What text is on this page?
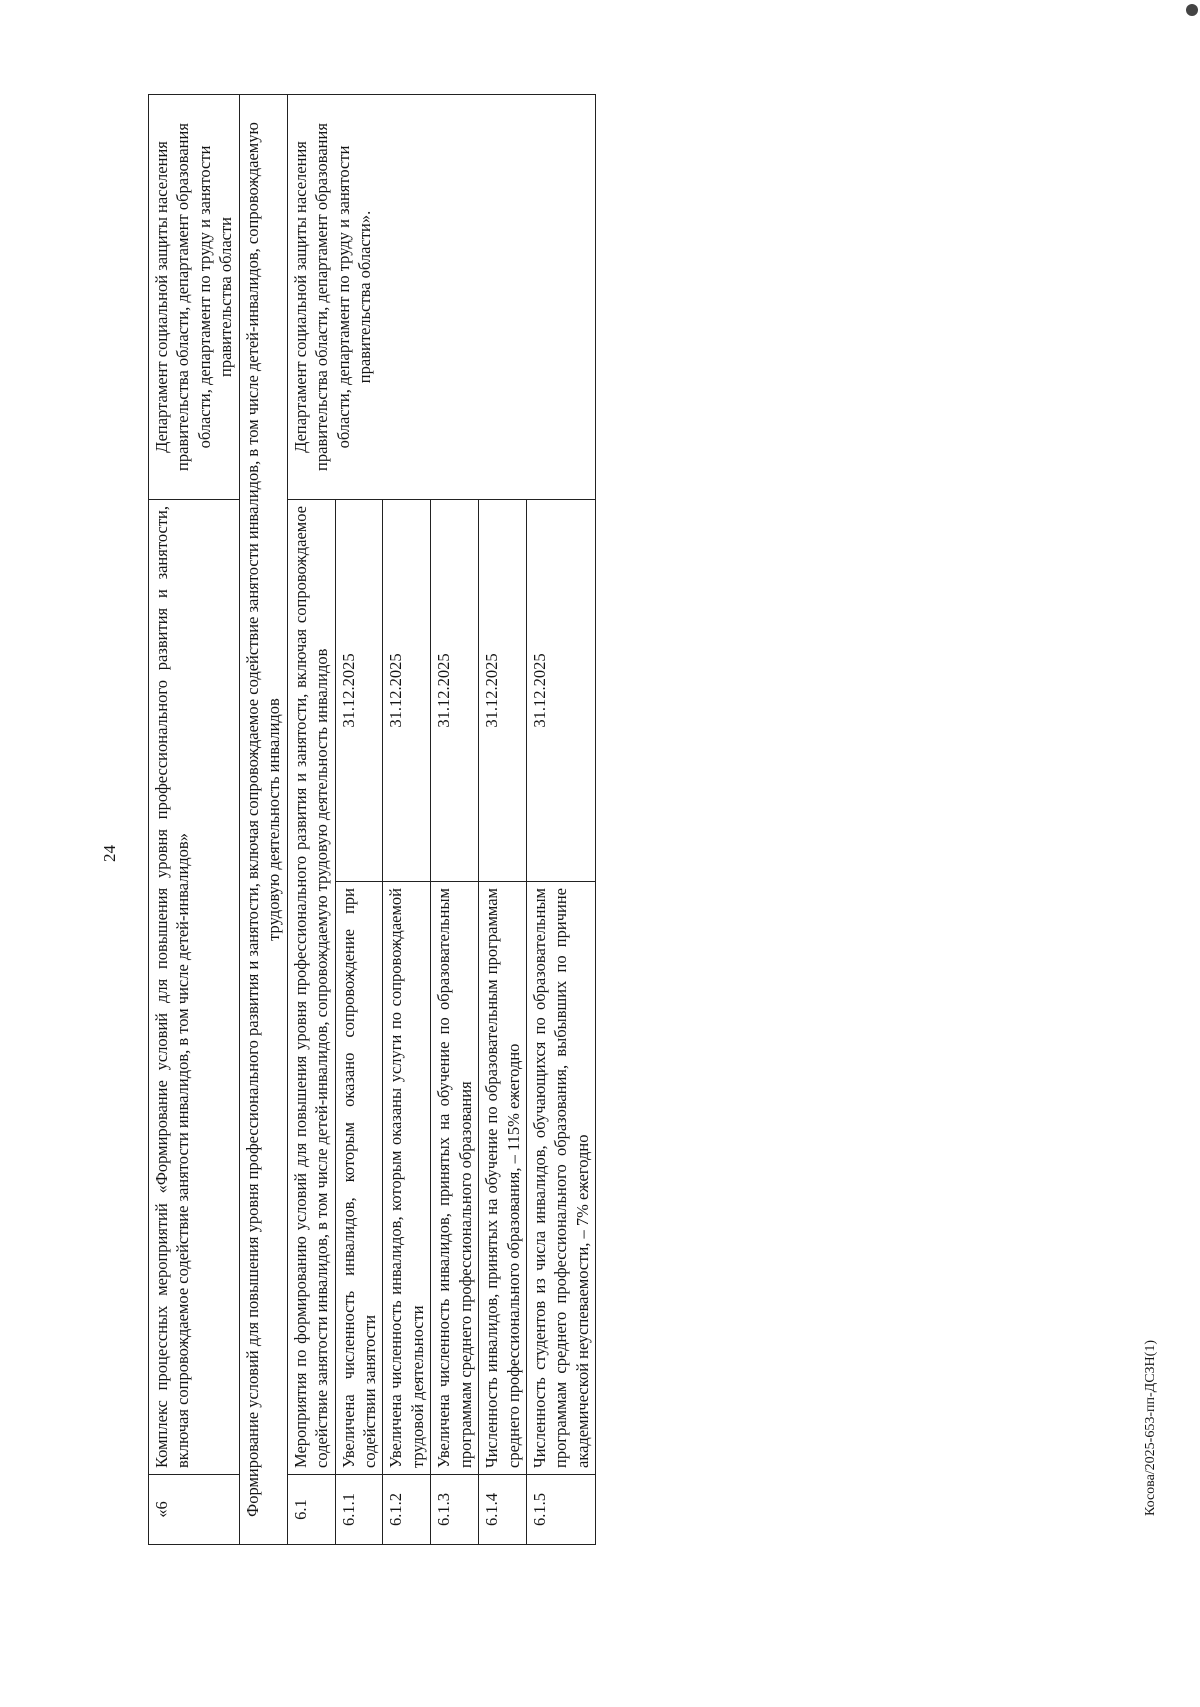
24
«6	Комплекс процессных мероприятий «Формирование условий для повышения уровня профессионального развития и занятости, включая сопровождаемое содействие занятости инвалидов, в том числе детей-инвалидов»		Департамент социальной защиты населения правительства области, департамент образования области, департамент по труду и занятости правительства области
Формирование условий для повышения уровня профессионального развития и занятости, включая сопровождаемое содействие занятости инвалидов, в том числе детей-инвалидов, сопровождаемую трудовую деятельность инвалидов			
6.1	Мероприятия по формированию условий для повышения уровня профессионального развития и занятости, включая сопровождаемое содействие занятости инвалидов, в том числе детей-инвалидов, сопровождаемую трудовую деятельность инвалидов		Департамент социальной защиты населения правительства области, департамент образования области, департамент по труду и занятости правительства области».
6.1.1	Увеличена численность инвалидов, которым оказано сопровождение при содействии занятости	31.12.2025	
6.1.2	Увеличена численность инвалидов, которым оказаны услуги по сопровождаемой трудовой деятельности	31.12.2025	
6.1.3	Увеличена численность инвалидов, принятых на обучение по образовательным программам среднего профессионального образования	31.12.2025	
6.1.4	Численность инвалидов, принятых на обучение по образовательным программам среднего профессионального образования, – 115% ежегодно	31.12.2025	
6.1.5	Численность студентов из числа инвалидов, обучающихся по образовательным программам среднего профессионального образования, выбывших по причине академической неуспеваемости, – 7% ежегодно	31.12.2025	
Косова/2025-653-пп-ДСЗН(1)
